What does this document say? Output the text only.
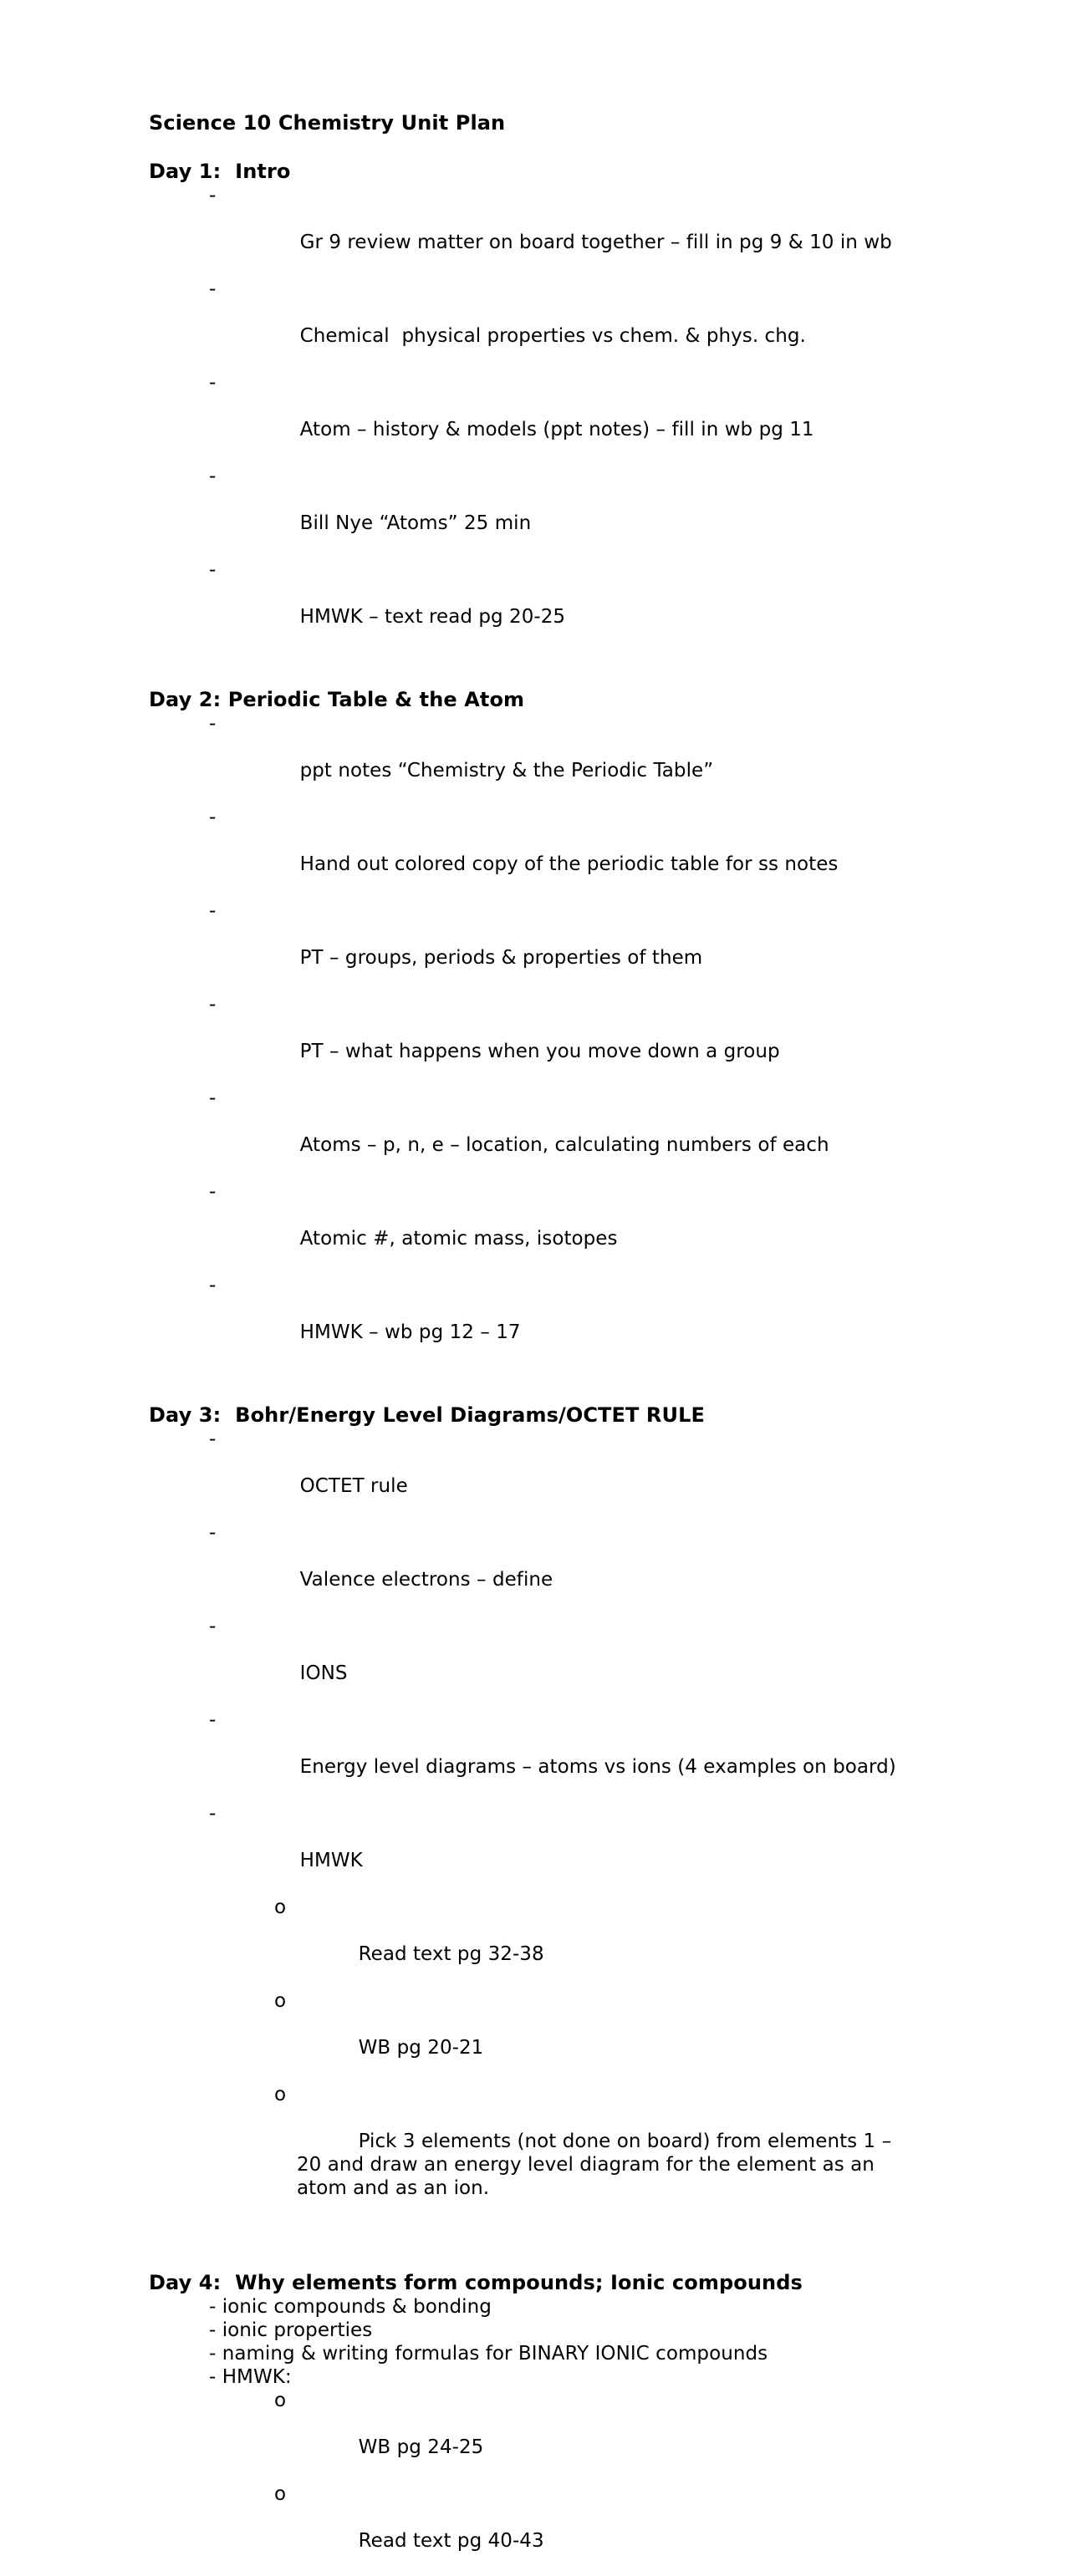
Science 10 Chemistry Unit Plan
Day 1:  Intro

-

Gr 9 review matter on board together – fill in pg 9 & 10 in wb

-

Chemical  physical properties vs chem. & phys. chg.

-

Atom – history & models (ppt notes) – fill in wb pg 11

-

Bill Nye “Atoms” 25 min

-

HMWK – text read pg 20-25

Day 2: Periodic Table & the Atom

-

ppt notes “Chemistry & the Periodic Table”

-

Hand out colored copy of the periodic table for ss notes

-

PT – groups, periods & properties of them

-

PT – what happens when you move down a group

-

Atoms – p, n, e – location, calculating numbers of each

-

Atomic #, atomic mass, isotopes

-

HMWK – wb pg 12 – 17

Day 3:  Bohr/Energy Level Diagrams/OCTET RULE

-

OCTET rule

-

Valence electrons – define

-

IONS

-

Energy level diagrams – atoms vs ions (4 examples on board)

-

HMWK

o

Read text pg 32-38

o

WB pg 20-21

o

Pick 3 elements (not done on board) from elements 1 – 20 and draw an energy level diagram for the element as an atom and as an ion.

Day 4:  Why elements form compounds; Ionic compounds
- ionic compounds & bonding
- ionic properties
- naming & writing formulas for BINARY IONIC compounds
- HMWK:

o

WB pg 24-25

o

Read text pg 40-43
